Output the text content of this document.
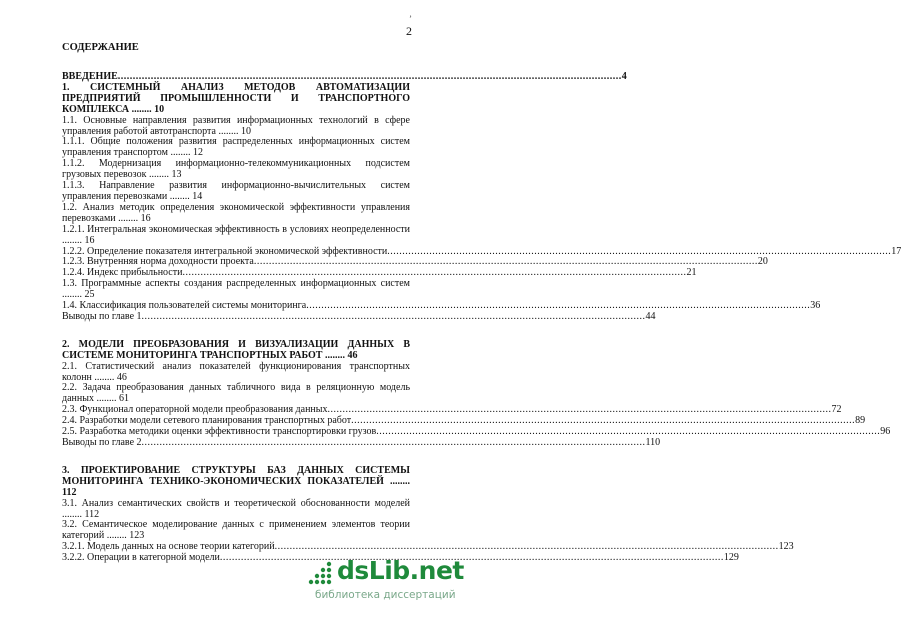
ʼ
2
СОДЕРЖАНИЕ
ВВЕДЕНИЕ .....	4
1. СИСТЕМНЫЙ АНАЛИЗ МЕТОДОВ АВТОМАТИЗАЦИИ ПРЕДПРИЯТИЙ ПРОМЫШЛЕННОСТИ И ТРАНСПОРТНОГО КОМПЛЕКСА ........ 10
1.1. Основные направления развития информационных технологий в сфере управления работой автотранспорта ........ 10
1.1.1. Общие положения развития распределенных информационных систем управления транспортом ........ 12
1.1.2. Модернизация информационно-телекоммуникационных подсистем грузовых перевозок ........ 13
1.1.3. Направление развития информационно-вычислительных систем управления перевозками ........ 14
1.2. Анализ методик определения экономической эффективности управления перевозками ........ 16
1.2.1. Интегральная экономическая эффективность в условиях неопределенности ........ 16
1.2.2. Определение показателя интегральной экономической эффективности .....	17
1.2.3. Внутренняя норма доходности проекта .....	20
1.2.4. Индекс прибыльности .....	21
1.3. Программные аспекты создания распределенных информационных систем ........ 25
1.4. Классификация пользователей системы мониторинга .....	36
Выводы по главе 1 .....	44
2. МОДЕЛИ ПРЕОБРАЗОВАНИЯ И ВИЗУАЛИЗАЦИИ ДАННЫХ В СИСТЕМЕ МОНИТОРИНГА ТРАНСПОРТНЫХ РАБОТ ........ 46
2.1. Статистический анализ показателей функционирования транспортных колонн ........ 46
2.2. Задача преобразования данных табличного вида в реляционную модель данных ........ 61
2.3. Функционал операторной модели преобразования данных .....	72
2.4. Разработки модели сетевого планирования транспортных работ .....	89
2.5. Разработка методики оценки эффективности транспортировки грузов .....	96
Выводы по главе 2 .....	110
3. ПРОЕКТИРОВАНИЕ СТРУКТУРЫ БАЗ ДАННЫХ СИСТЕМЫ МОНИТОРИНГА ТЕХНИКО-ЭКОНОМИЧЕСКИХ ПОКАЗАТЕЛЕЙ ........ 112
3.1. Анализ семантических свойств и теоретической обоснованности моделей ........ 112
3.2. Семантическое моделирование данных с применением элементов теории категорий ........ 123
3.2.1. Модель данных на основе теории категорий .....	123
3.2.2. Операции в категорной модели .....	129
dsLib.net
библиотека диссертаций
